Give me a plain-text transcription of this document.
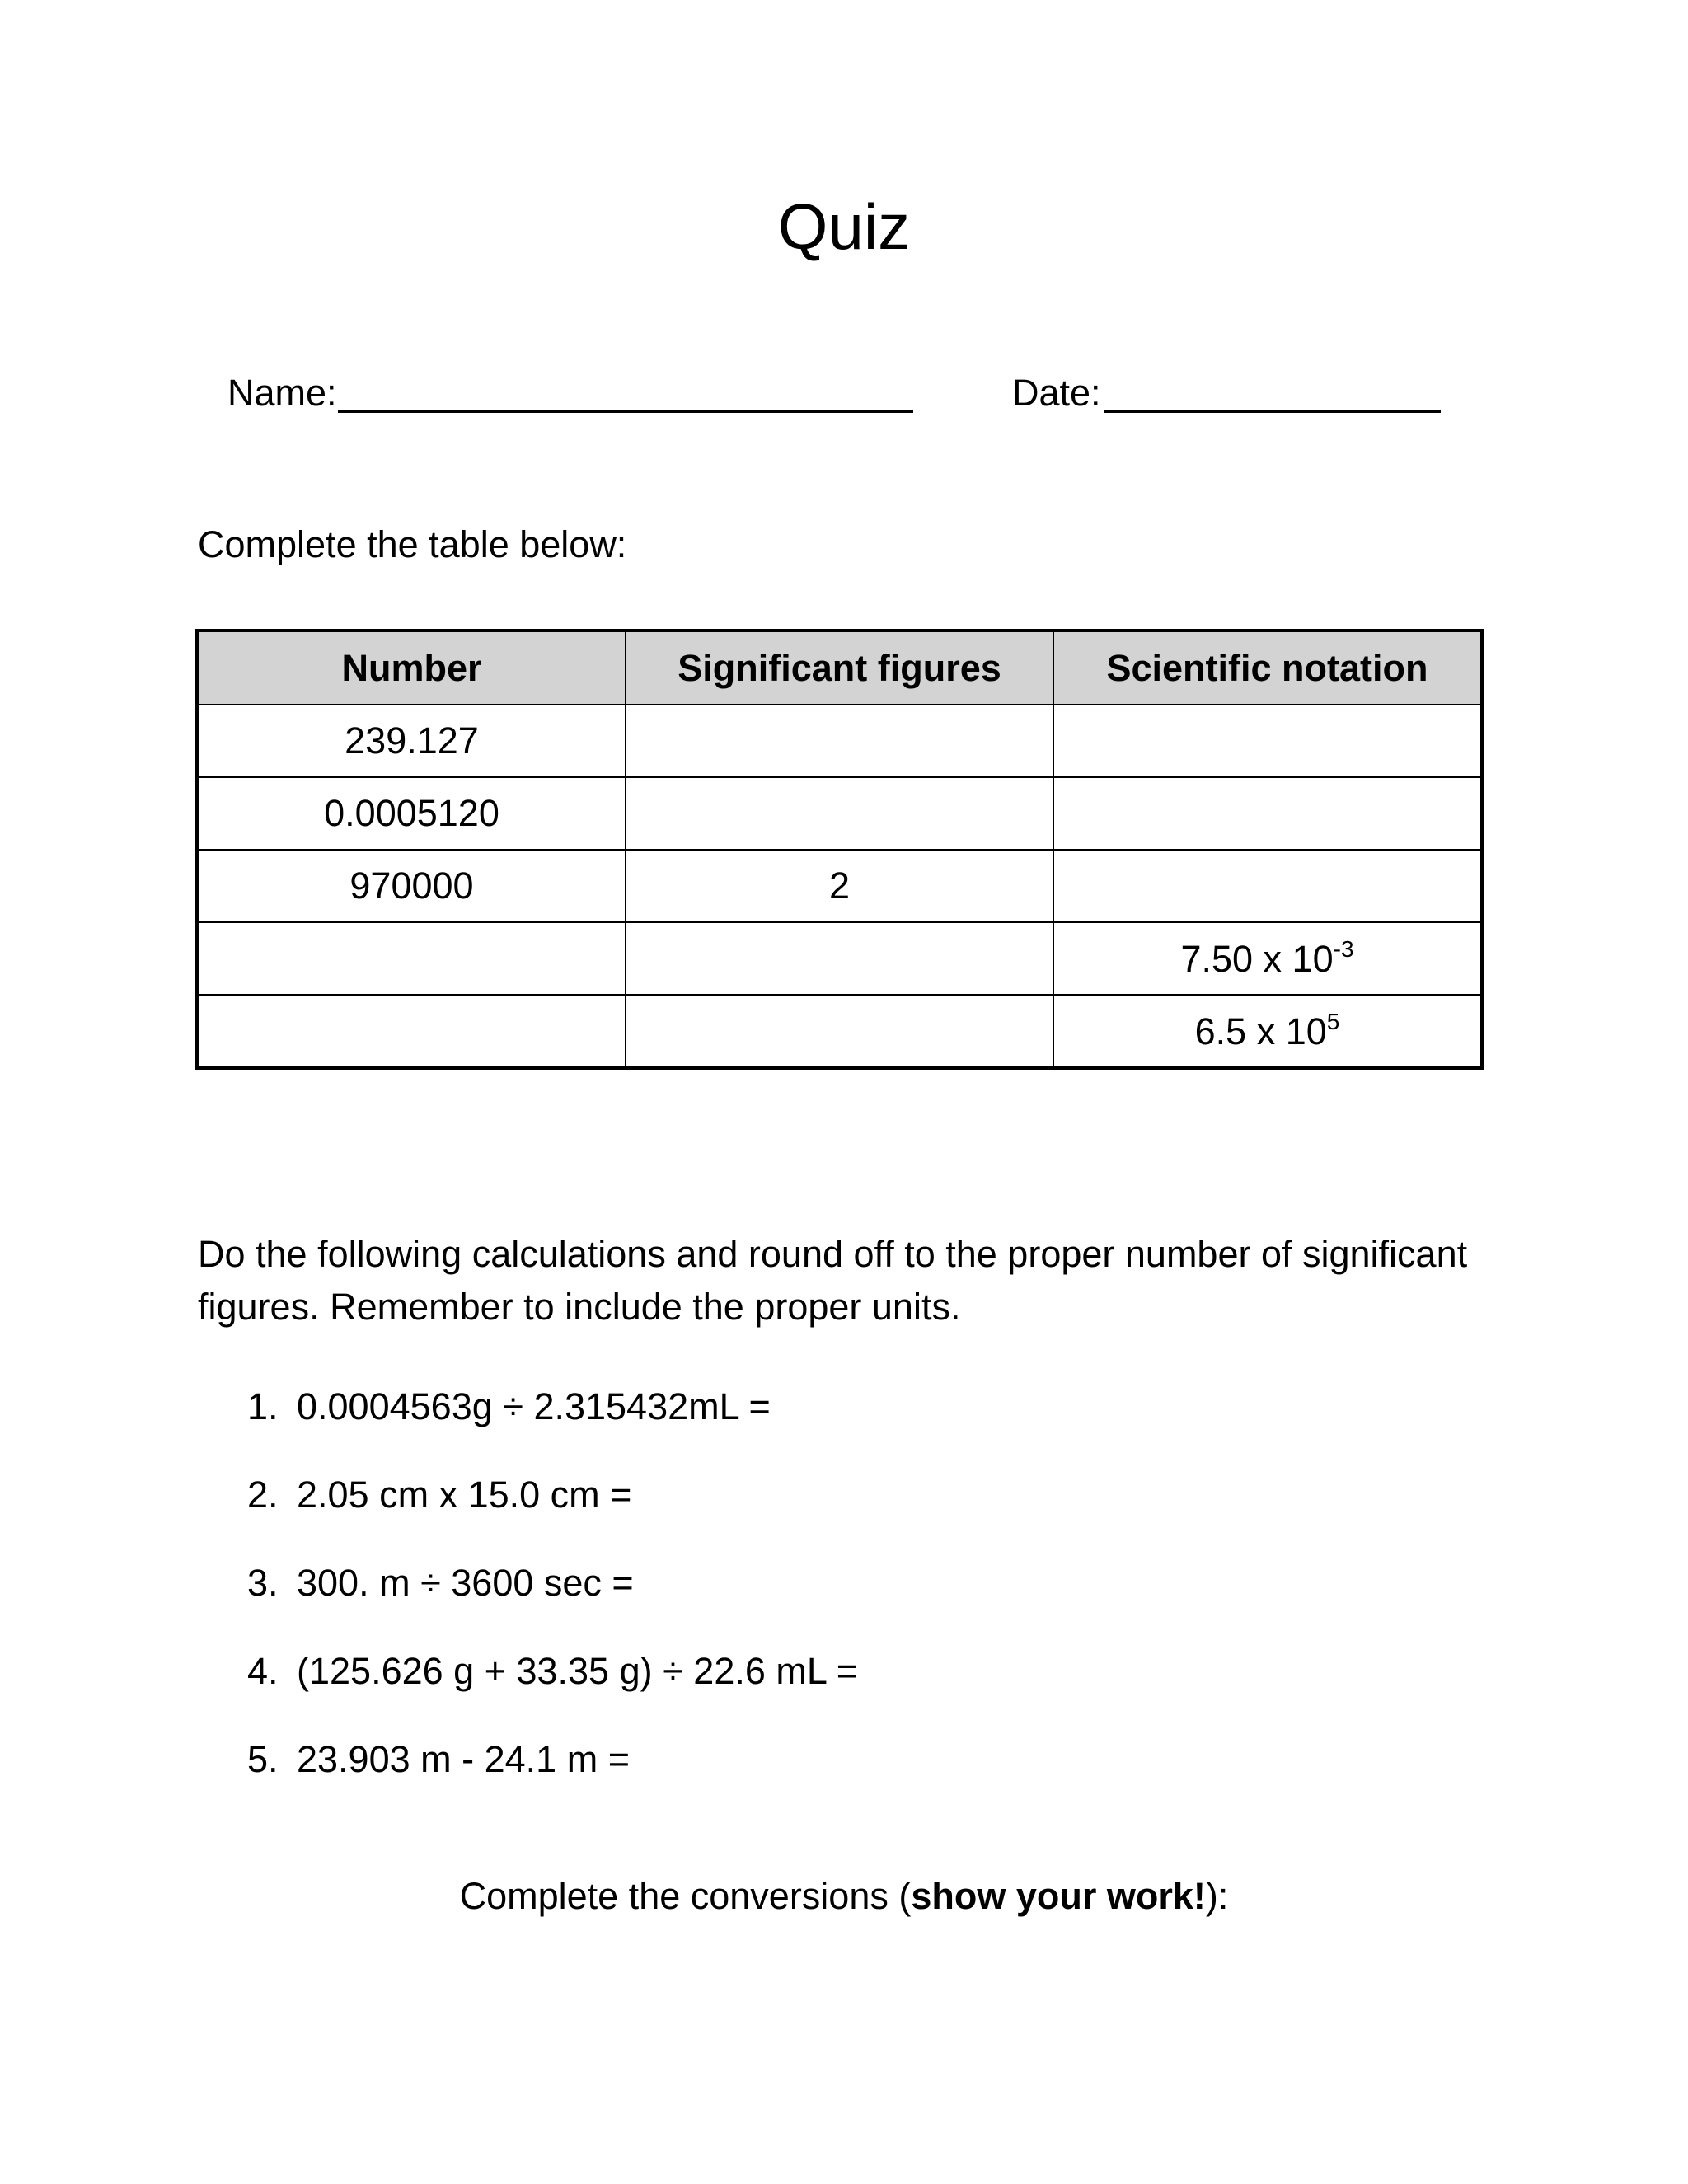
Quiz
Name:	Date:
Complete the table below:
Number	Significant figures	Scientific notation
239.127		
0.0005120		
970000	2	
		7.50 x $10^{-3}$
		6.5 x $10^5$
Do the following calculations and round off to the proper number of significant figures. Remember to include the proper units.
1. 0.0004563g ÷ 2.315432mL =
2. 2.05 cm x 15.0 cm =
3. 300. m ÷ 3600 sec =
4. (125.626 g + 33.35 g) ÷ 22.6 mL =
5. 23.903 m - 24.1 m =
Complete the conversions (show your work!):
